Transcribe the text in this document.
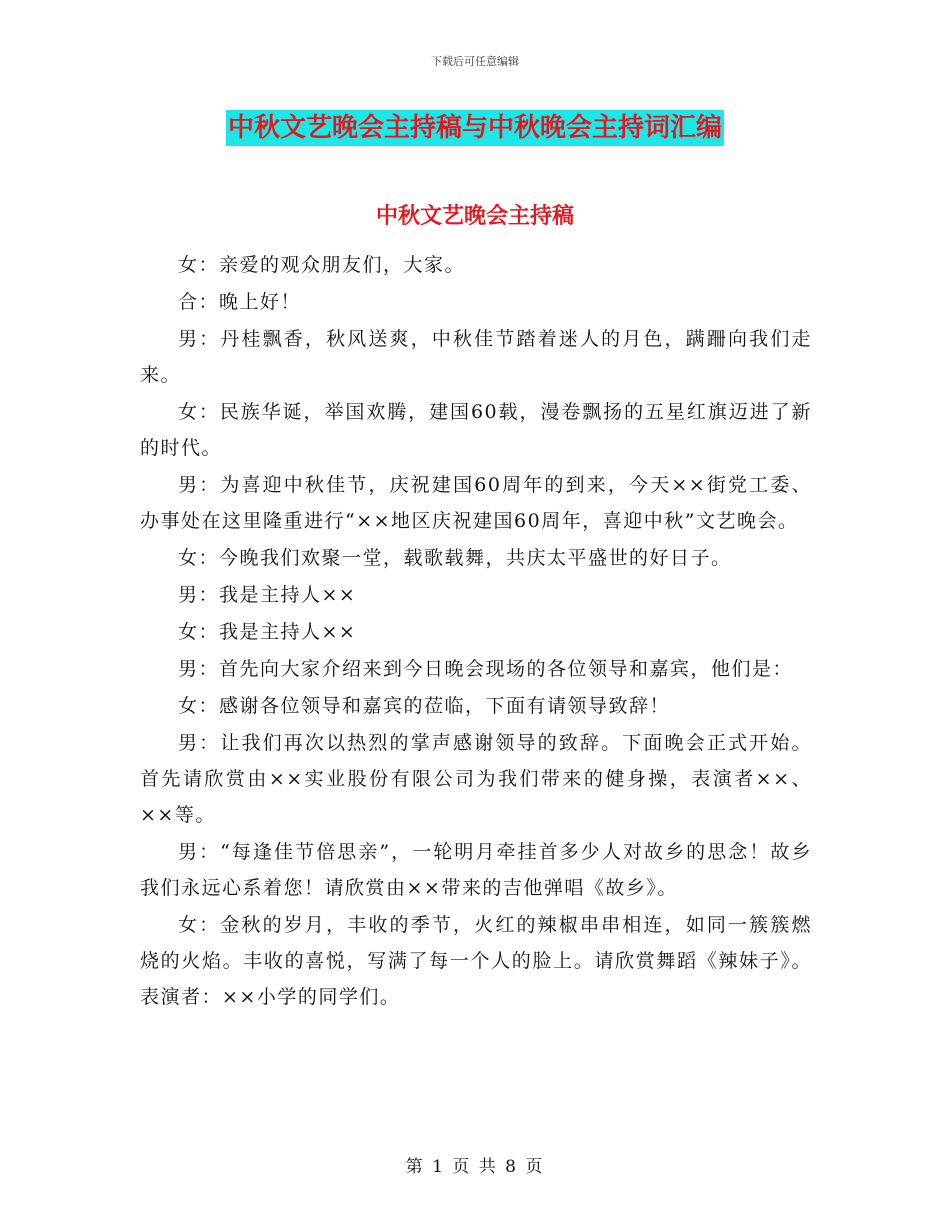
下载后可任意编辑
中秋文艺晚会主持稿与中秋晚会主持词汇编
中秋文艺晚会主持稿

女：亲爱的观众朋友们，大家。

合：晚上好！

男：丹桂飘香，秋风送爽，中秋佳节踏着迷人的月色，蹒跚向我们走来。

女：民族华诞，举国欢腾，建国60载，漫卷飘扬的五星红旗迈进了新的时代。

男：为喜迎中秋佳节，庆祝建国60周年的到来，今天××街党工委、办事处在这里隆重进行“××地区庆祝建国60周年，喜迎中秋”文艺晚会。

女：今晚我们欢聚一堂，载歌载舞，共庆太平盛世的好日子。

男：我是主持人××

女：我是主持人××

男：首先向大家介绍来到今日晚会现场的各位领导和嘉宾，他们是：

女：感谢各位领导和嘉宾的莅临，下面有请领导致辞！

男：让我们再次以热烈的掌声感谢领导的致辞。下面晚会正式开始。首先请欣赏由××实业股份有限公司为我们带来的健身操，表演者××、××等。

男：“每逢佳节倍思亲”，一轮明月牵挂首多少人对故乡的思念！故乡我们永远心系着您！请欣赏由××带来的吉他弹唱《故乡》。

女：金秋的岁月，丰收的季节，火红的辣椒串串相连，如同一簇簇燃烧的火焰。丰收的喜悦，写满了每一个人的脸上。请欣赏舞蹈《辣妹子》。表演者：××小学的同学们。

第 1 页 共 8 页
